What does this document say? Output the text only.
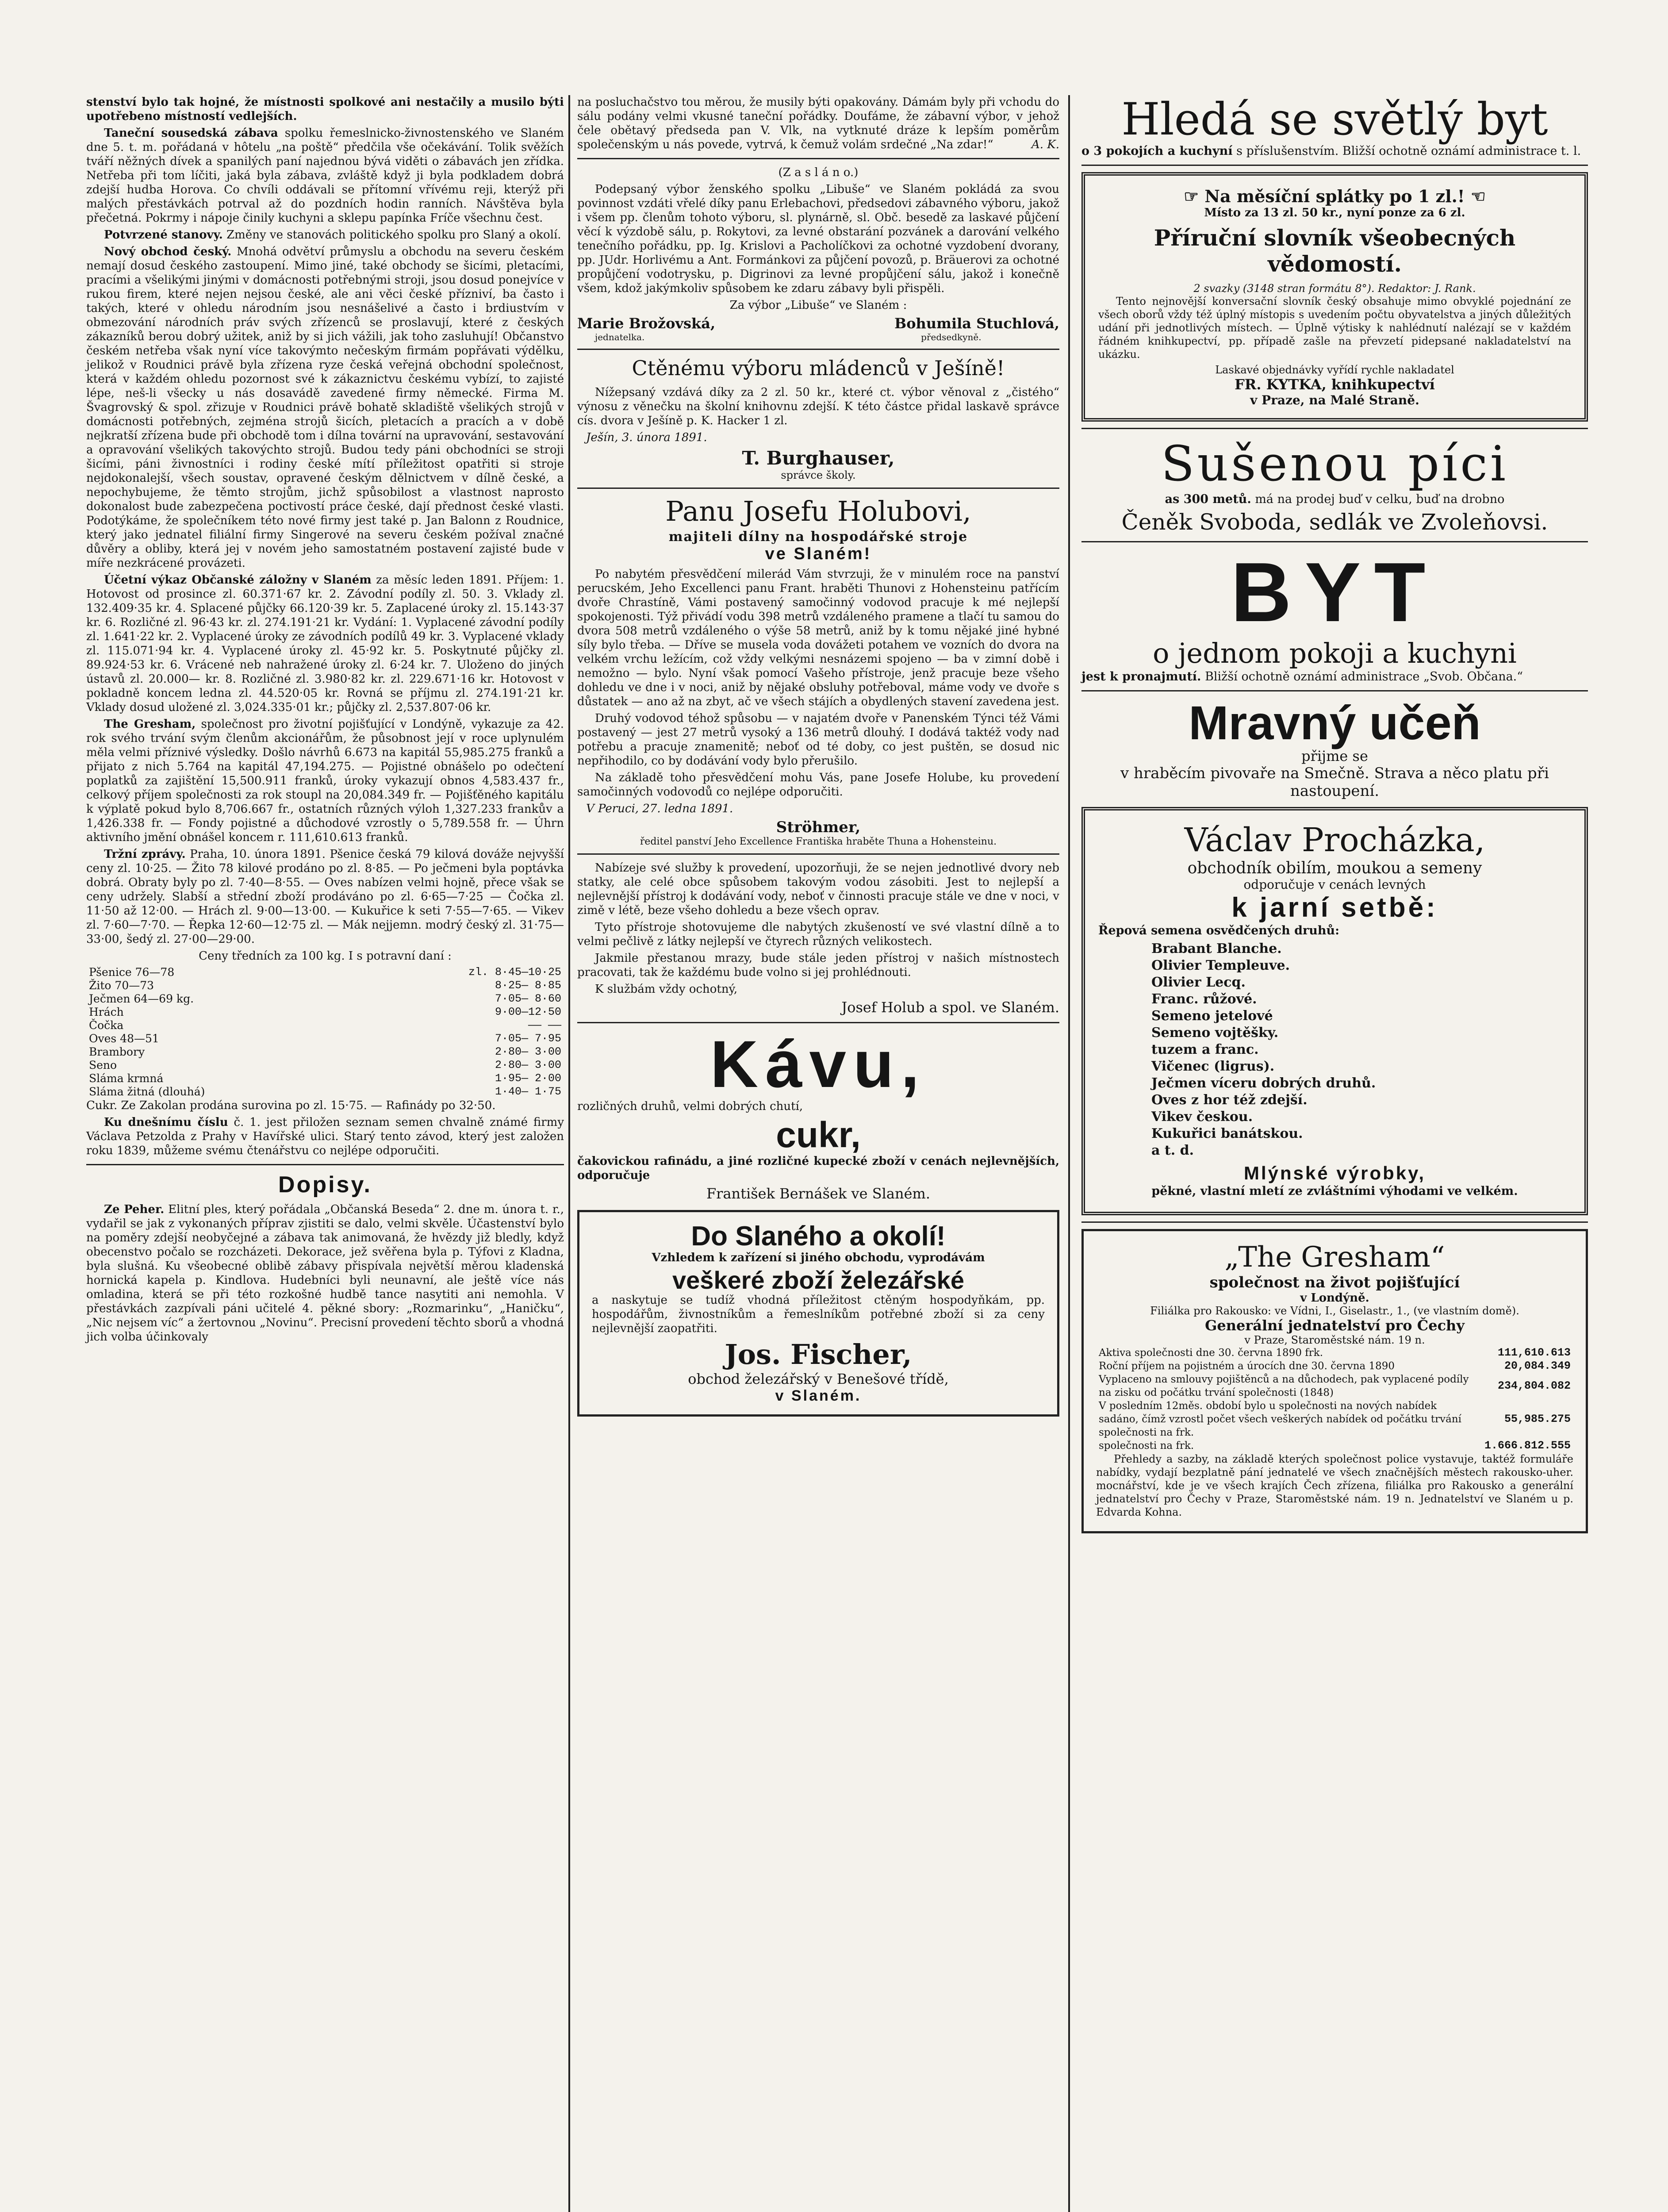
stenství bylo tak hojné, že místnosti spolkové ani nestačily a musilo býti upotřebeno místností vedlejších.

Taneční sousedská zábava spolku řemeslnicko-živnostenského ve Slaném dne 5. t. m. pořádaná v hôtelu „na poště“ předčila vše očekávání. Tolik svěžích tváří něžných dívek a spanilých paní najednou bývá viděti o zábavách jen zřídka. Netřeba při tom líčiti, jaká byla zábava, zvláště když ji byla podkladem dobrá zdejší hudba Horova. Co chvíli oddávali se přítomní vřívému reji, kterýž při malých přestávkách potrval až do pozdních hodin ranních. Návštěva byla přečetná. Pokrmy i nápoje činily kuchyni a sklepu papínka Fríče všechnu čest.

Potvrzené stanovy. Změny ve stanovách politického spolku pro Slaný a okolí.

Nový obchod český. Mnohá odvětví průmyslu a obchodu na severu českém nemají dosud českého zastoupení. Mimo jiné, také obchody se šicími, pletacími, pracími a všelikými jinými v domácnosti potřebnými stroji, jsou dosud ponejvíce v rukou firem, které nejen nejsou české, ale ani věci české přízniví, ba často i takých, které v ohledu národním jsou nesnášelivé a často i brdiustvím v obmezování národních práv svých zřízenců se proslavují, které z českých zákazníků berou dobrý užitek, aniž by si jich vážili, jak toho zasluhují! Občanstvo českém netřeba však nyní více takovýmto nečeským firmám popřávati výdělku, jelikož v Roudnici právě byla zřízena ryze česká veřejná obchodní společnost, která v každém ohledu pozornost své k zákaznictvu českému vybízí, to zajisté lépe, neš-li všecky u nás dosavádě zavedené firmy německé. Firma M. Švagrovský & spol. zřizuje v Roudnici právě bohatě skladiště všelikých strojů v domácnosti potřebných, zejména strojů šicích, pletacích a pracích a v době nejkratší zřízena bude při obchodě tom i dílna tovární na upravování, sestavování a opravování všelikých takovýchto strojů. Budou tedy páni obchodníci se stroji šicími, páni živnostníci i rodiny české mítí příležitost opatřiti si stroje nejdokonalejší, všech soustav, opravené českým dělnictvem v dílně české, a nepochybujeme, že těmto strojům, jichž spůsobilost a vlastnost naprosto dokonalost bude zabezpečena poctivostí práce české, dají přednost české vlasti. Podotýkáme, že společníkem této nové firmy jest také p. Jan Balonn z Roudnice, který jako jednatel filiální firmy Singerové na severu českém požíval značné důvěry a obliby, která jej v novém jeho samostatném postavení zajisté bude v míře nezkrácené provázeti.

Účetní výkaz Občanské záložny v Slaném za měsíc leden 1891. Příjem: 1. Hotovost od prosince zl. 60.371·67 kr. 2. Závodní podíly zl. 50. 3. Vklady zl. 132.409·35 kr. 4. Splacené půjčky 66.120·39 kr. 5. Zaplacené úroky zl. 15.143·37 kr. 6. Rozličné zl. 96·43 kr. zl. 274.191·21 kr. Vydání: 1. Vyplacené závodní podíly zl. 1.641·22 kr. 2. Vyplacené úroky ze závodních podílů 49 kr. 3. Vyplacené vklady zl. 115.071·94 kr. 4. Vyplacené úroky zl. 45·92 kr. 5. Poskytnuté půjčky zl. 89.924·53 kr. 6. Vrácené neb nahražené úroky zl. 6·24 kr. 7. Uloženo do jiných ústavů zl. 20.000— kr. 8. Rozličné zl. 3.980·82 kr. zl. 229.671·16 kr. Hotovost v pokladně koncem ledna zl. 44.520·05 kr. Rovná se příjmu zl. 274.191·21 kr. Vklady dosud uložené zl. 3,024.335·01 kr.; půjčky zl. 2,537.807·06 kr.

The Gresham, společnost pro životní pojišťující v Londýně, vykazuje za 42. rok svého trvání svým členům akcionářům, že působnost její v roce uplynulém měla velmi příznivé výsledky. Došlo návrhů 6.673 na kapitál 55,985.275 franků a přijato z nich 5.764 na kapitál 47,194.275. — Pojistné obnášelo po odečtení poplatků za zajištění 15,500.911 franků, úroky vykazují obnos 4,583.437 fr., celkový příjem společnosti za rok stoupl na 20,084.349 fr. — Pojišťěného kapitálu k výplatě pokud bylo 8,706.667 fr., ostatních různých výloh 1,327.233 frankův a 1,426.338 fr. — Fondy pojistné a důchodové vzrostly o 5,789.558 fr. — Úhrn aktivního jmění obnášel koncem r. 111,610.613 franků.

Tržní zprávy. Praha, 10. února 1891. Pšenice česká 79 kilová dováže nejvyšší ceny zl. 10·25. — Žito 78 kilové prodáno po zl. 8·85. — Po ječmeni byla poptávka dobrá. Obraty byly po zl. 7·40—8·55. — Oves nabízen velmi hojně, přece však se ceny udržely. Slabší a střední zboží prodáváno po zl. 6·65—7·25 — Čočka zl. 11·50 až 12·00. — Hrách zl. 9·00—13·00. — Kukuřice k seti 7·55—7·65. — Vikev zl. 7·60—7·70. — Řepka 12·60—12·75 zl. — Mák nejjemn. modrý český zl. 31·75—33·00, šedý zl. 27·00—29·00.

Ceny tředních za 100 kg. I s potravní daní :

Pšenice 76—78	zl. 8·45—10·25
Žito 70—73	8·25— 8·85
Ječmen 64—69 kg.	7·05— 8·60
Hrách	9·00—12·50
Čočka	—— ——
Oves 48—51	7·05— 7·95
Brambory	2·80— 3·00
Seno	2·80— 3·00
Sláma krmná	1·95— 2·00
Sláma žitná (dlouhá)	1·40— 1·75

Cukr. Ze Zakolan prodána surovina po zl. 15·75. — Rafinády po 32·50.

Ku dnešnímu číslu č. 1. jest přiložen seznam semen chvalně známé firmy Václava Petzolda z Prahy v Havířské ulici. Starý tento závod, který jest založen roku 1839, můžeme svému čtenářstvu co nejlépe odporučiti.

Dopisy.

Ze Peher. Elitní ples, který pořádala „Občanská Beseda“ 2. dne m. února t. r., vydařil se jak z vykonaných příprav zjistiti se dalo, velmi skvěle. Účastenství bylo na poměry zdejší neobyčejné a zábava tak animovaná, že hvězdy již bledly, když obecenstvo počalo se rozcházeti. Dekorace, jež svěřena byla p. Týfovi z Kladna, byla slušná. Ku všeobecné oblibě zábavy přispívala největší měrou kladenská hornická kapela p. Kindlova. Hudebníci byli neunavní, ale ještě více nás omladina, která se při této rozkošné hudbě tance nasytiti ani nemohla. V přestávkách zazpívali páni učitelé 4. pěkné sbory: „Rozmarinku“, „Haničku“, „Nic nejsem víc“ a žertovnou „Novinu“. Precisní provedení těchto sborů a vhodná jich volba účinkovaly

na posluchačstvo tou měrou, že musily býti opakovány. Dámám byly při vchodu do sálu podány velmi vkusné taneční pořádky. Doufáme, že zábavní výbor, v jehož čele obětavý předseda pan V. Vlk, na vytknuté dráze k lepším poměrům společenským u nás povede, vytrvá, k čemuž volám srdečné „Na zdar!“	A. K.

(Z a s l á n o.)

Podepsaný výbor ženského spolku „Libuše“ ve Slaném pokládá za svou povinnost vzdáti vřelé díky panu Erlebachovi, předsedovi zábavného výboru, jakož i všem pp. členům tohoto výboru, sl. plynárně, sl. Obč. besedě za laskavé půjčení věcí k výzdobě sálu, p. Rokytovi, za levné obstarání pozvánek a darování velkého tenečního pořádku, pp. Ig. Krislovi a Pacholíčkovi za ochotné vyzdobení dvorany, pp. JUdr. Horlivému a Ant. Formánkovi za půjčení povozů, p. Bräuerovi za ochotné propůjčení vodotrysku, p. Digrinovi za levné propůjčení sálu, jakož i konečně všem, kdož jakýmkoliv spůsobem ke zdaru zábavy byli přispěli.

Za výbor „Libuše“ ve Slaném :

Marie Brožovská,
jednatelka.
Bohumila Stuchlová,
předsedkyně.
Ctěnému výboru mládenců v Ješíně!

Nížepsaný vzdává díky za 2 zl. 50 kr., které ct. výbor věnoval z „čistého“ výnosu z věnečku na školní knihovnu zdejší. K této částce přidal laskavě správce cís. dvora v Ješíně p. K. Hacker 1 zl.

Ješín, 3. února 1891.

T. Burghauser,
správce školy.
Panu Josefu Holubovi,
majiteli dílny na hospodářské stroje
ve Slaném!

Po nabytém přesvědčení milerád Vám stvrzuji, že v minulém roce na panství perucském, Jeho Excellenci panu Frant. hraběti Thunovi z Hohensteinu patřícím dvoře Chrastíně, Vámi postavený samočinný vodovod pracuje k mé nejlepší spokojenosti. Týž přivádí vodu 398 metrů vzdáleného pramene a tlačí tu samou do dvora 508 metrů vzdáleného o výše 58 metrů, aniž by k tomu nějaké jiné hybné síly bylo třeba. — Dříve se musela voda dovážeti potahem ve vozních do dvora na velkém vrchu ležícím, což vždy velkými nesnázemi spojeno — ba v zimní době i nemožno — bylo. Nyní však pomocí Vašeho přístroje, jenž pracuje beze všeho dohledu ve dne i v noci, aniž by nějaké obsluhy potřeboval, máme vody ve dvoře s důstatek — ano až na zbyt, ač ve všech stájích a obydlených stavení zavedena jest.

Druhý vodovod téhož spůsobu — v najatém dvoře v Panenském Týnci též Vámi postavený — jest 27 metrů vysoký a 136 metrů dlouhý. I dodává taktéž vody nad potřebu a pracuje znamenitě; neboť od té doby, co jest puštěn, se dosud nic nepřihodilo, co by dodávání vody bylo přerušilo.

Na základě toho přesvědčení mohu Vás, pane Josefe Holube, ku provedení samočinných vodovodů co nejlépe odporučiti.

V Peruci, 27. ledna 1891.

Ströhmer,
ředitel panství Jeho Excellence Františka hraběte Thuna a Hohensteinu.

Nabízeje své služby k provedení, upozorňuji, že se nejen jednotlivé dvory neb statky, ale celé obce spůsobem takovým vodou zásobiti. Jest to nejlepší a nejlevnější přístroj k dodávání vody, neboť v činnosti pracuje stále ve dne v noci, v zimě v létě, beze všeho dohledu a beze všech oprav.

Tyto přístroje shotovujeme dle nabytých zkušeností ve své vlastní dílně a to velmi pečlivě z látky nejlepší ve čtyrech různých velikostech.

Jakmile přestanou mrazy, bude stále jeden přístroj v našich místnostech pracovati, tak že každému bude volno si jej prohlédnouti.

K službám vždy ochotný,

Josef Holub a spol. ve Slaném.
Kávu,

rozličných druhů, velmi dobrých chutí,

cukr,

čakovickou rafinádu, a jiné rozličné kupecké zboží v cenách nejlevnějších, odporučuje

František Bernášek ve Slaném.
Do Slaného a okolí!

Vzhledem k zařízení si jiného obchodu, vyprodávám

veškeré zboží železářské

a naskytuje se tudíž vhodná příležitost ctěným hospodyňkám, pp. hospodářům, živnostníkům a řemeslníkům potřebné zboží si za ceny nejlevnější zaopatřiti.

Jos. Fischer,
obchod železářský v Benešové třídě,
v Slaném.
Hledá se světlý byt

o 3 pokojích a kuchyní s příslušenstvím. Bližší ochotně oznámí administrace t. l.

☞ Na měsíční splátky po 1 zl.! ☜
Místo za 13 zl. 50 kr., nyní ponze za 6 zl.
Příruční slovník všeobecných vědomostí.
2 svazky (3148 stran formátu 8°). Redaktor: J. Rank.

Tento nejnovější konversační slovník český obsahuje mimo obvyklé pojednání ze všech oborů vždy též úplný místopis s uvedením počtu obyvatelstva a jiných důležitých udání při jednotlivých místech. — Úplně výtisky k nahlédnutí nalézají se v každém řádném knihkupectví, pp. případě zašle na převzetí pidepsané nakladatelství na ukázku.

Laskavé objednávky vyřídí rychle nakladatel
FR. KYTKA, knihkupectví
v Praze, na Malé Straně.
Sušenou píci

as 300 metů. má na prodej buď v celku, buď na drobno

Čeněk Svoboda, sedlák ve Zvoleňovsi.
BYT
o jednom pokoji a kuchyni

jest k pronajmutí. Bližší ochotně oznámí administrace „Svob. Občana.“

Mravný učeň
přijme se

v hraběcím pivovaře na Smečně. Strava a něco platu při nastoupení.

Václav Procházka,
obchodník obilím, moukou a semeny
odporučuje v cenách levných
k jarní setbě:

Řepová semena osvědčených druhů:

Brabant Blanche.
Olivier Templeuve.
Olivier Lecq.
Franc. růžové.
Semeno jetelové
Semeno vojtěšky.
tuzem a franc.
Vičenec (ligrus).
Ječmen víceru dobrých druhů.
Oves z hor též zdejší.
Vikev českou.
Kukuřici banátskou.
a t. d.
Mlýnské výrobky,

pěkné, vlastní mletí ze zvláštními výhodami ve velkém.

„The Gresham“
společnost na život pojišťující
v Londýně.
Filiálka pro Rakousko: ve Vídni, I., Giselastr., 1., (ve vlastním domě).
Generální jednatelství pro Čechy
v Praze, Staroměstské nám. 19 n.
Aktiva společnosti dne 30. června 1890 frk.	111,610.613
Roční příjem na pojistném a úrocích dne 30. června 1890	20,084.349
Vyplaceno na smlouvy pojištěnců a na důchodech, pak vyplacené podíly na zisku od počátku trvání společnosti (1848)	234,804.082
V posledním 12měs. období bylo u společnosti na nových nabídek sadáno, čímž vzrostl počet všech veškerých nabídek od počátku trvání společnosti na frk.	55,985.275
společnosti na frk.	1.666.812.555

Přehledy a sazby, na základě kterých společnost police vystavuje, taktéž formuláře nabídky, vydají bezplatně pání jednatelé ve všech značnějších městech rakousko-uher. mocnářství, kde je ve všech krajích Čech zřízena, filiálka pro Rakousko a generální jednatelství pro Čechy v Praze, Staroměstské nám. 19 n. Jednatelství ve Slaném u p. Edvarda Kohna.
